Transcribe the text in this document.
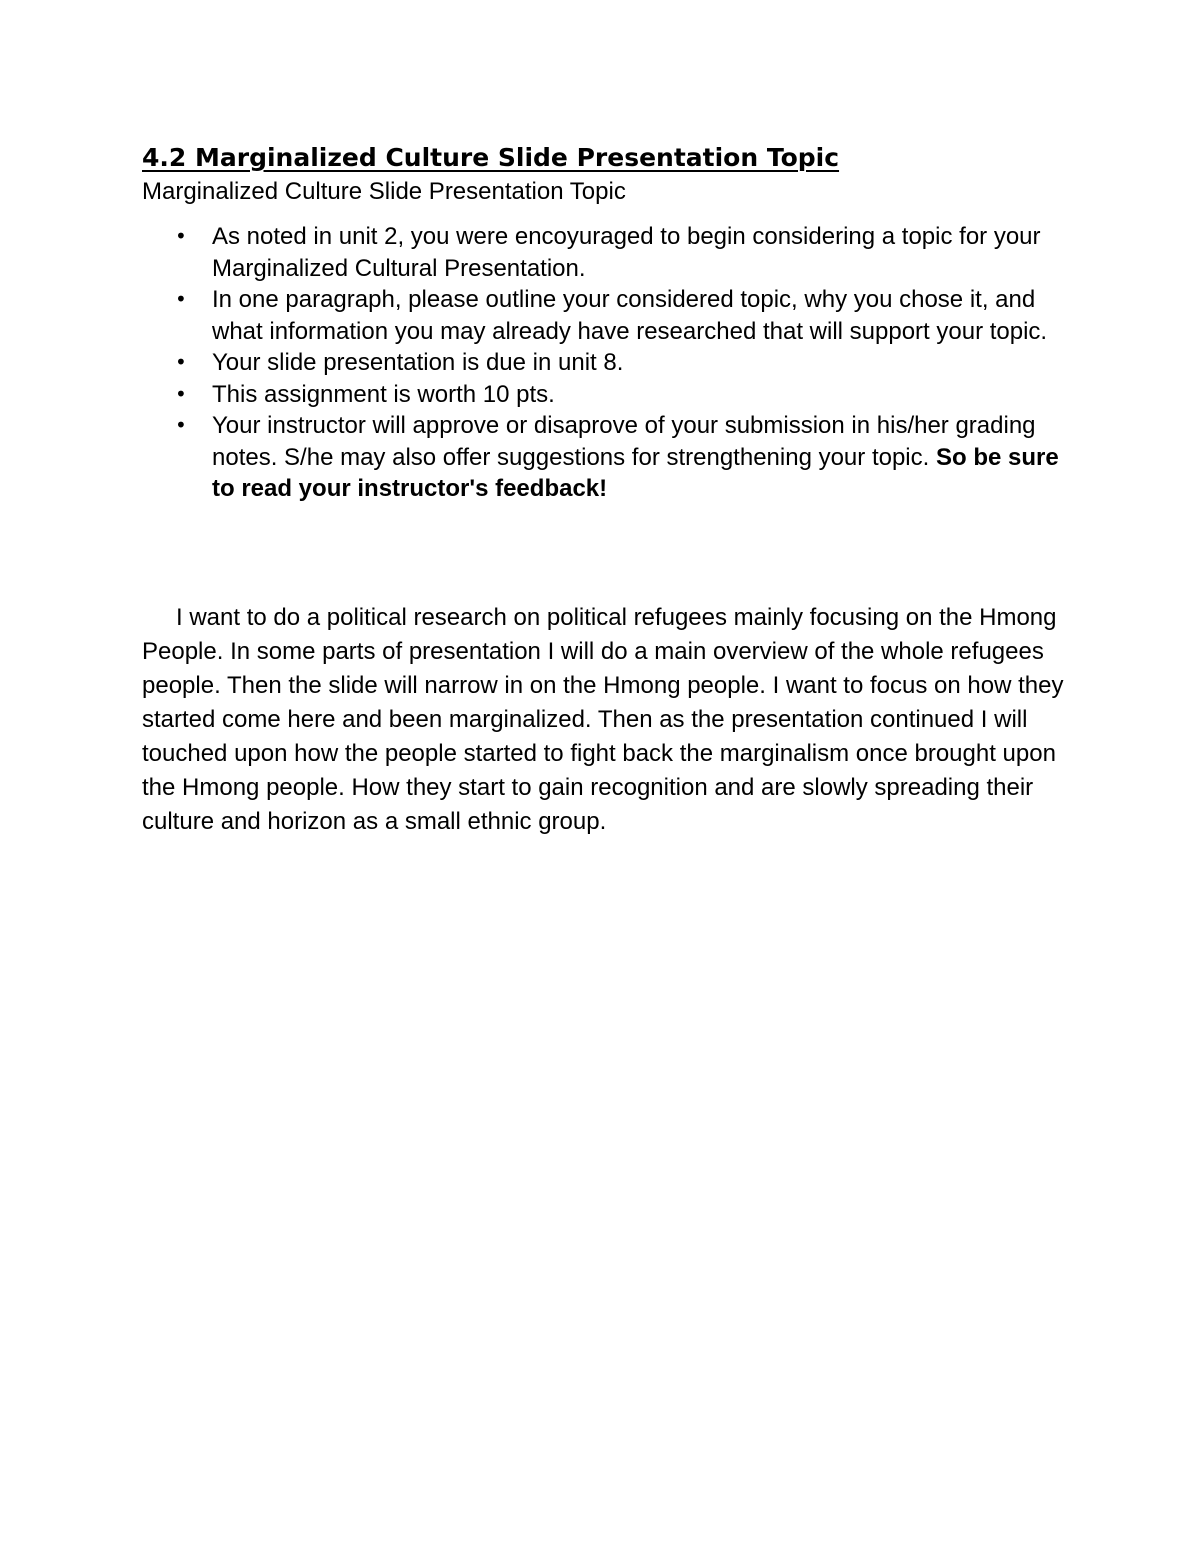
4.2 Marginalized Culture Slide Presentation Topic

Marginalized Culture Slide Presentation Topic

• As noted in unit 2, you were encoyuraged to begin considering a topic for your Marginalized Cultural Presentation.
• In one paragraph, please outline your considered topic, why you chose it, and what information you may already have researched that will support your topic.
• Your slide presentation is due in unit 8.
• This assignment is worth 10 pts.
• Your instructor will approve or disaprove of your submission in his/her grading notes. S/he may also offer suggestions for strengthening your topic. So be sure to read your instructor's feedback!

I want to do a political research on political refugees mainly focusing on the Hmong People. In some parts of presentation I will do a main overview of the whole refugees people. Then the slide will narrow in on the Hmong people. I want to focus on how they started come here and been marginalized. Then as the presentation continued I will touched upon how the people started to fight back the marginalism once brought upon the Hmong people. How they start to gain recognition and are slowly spreading their culture and horizon as a small ethnic group.
